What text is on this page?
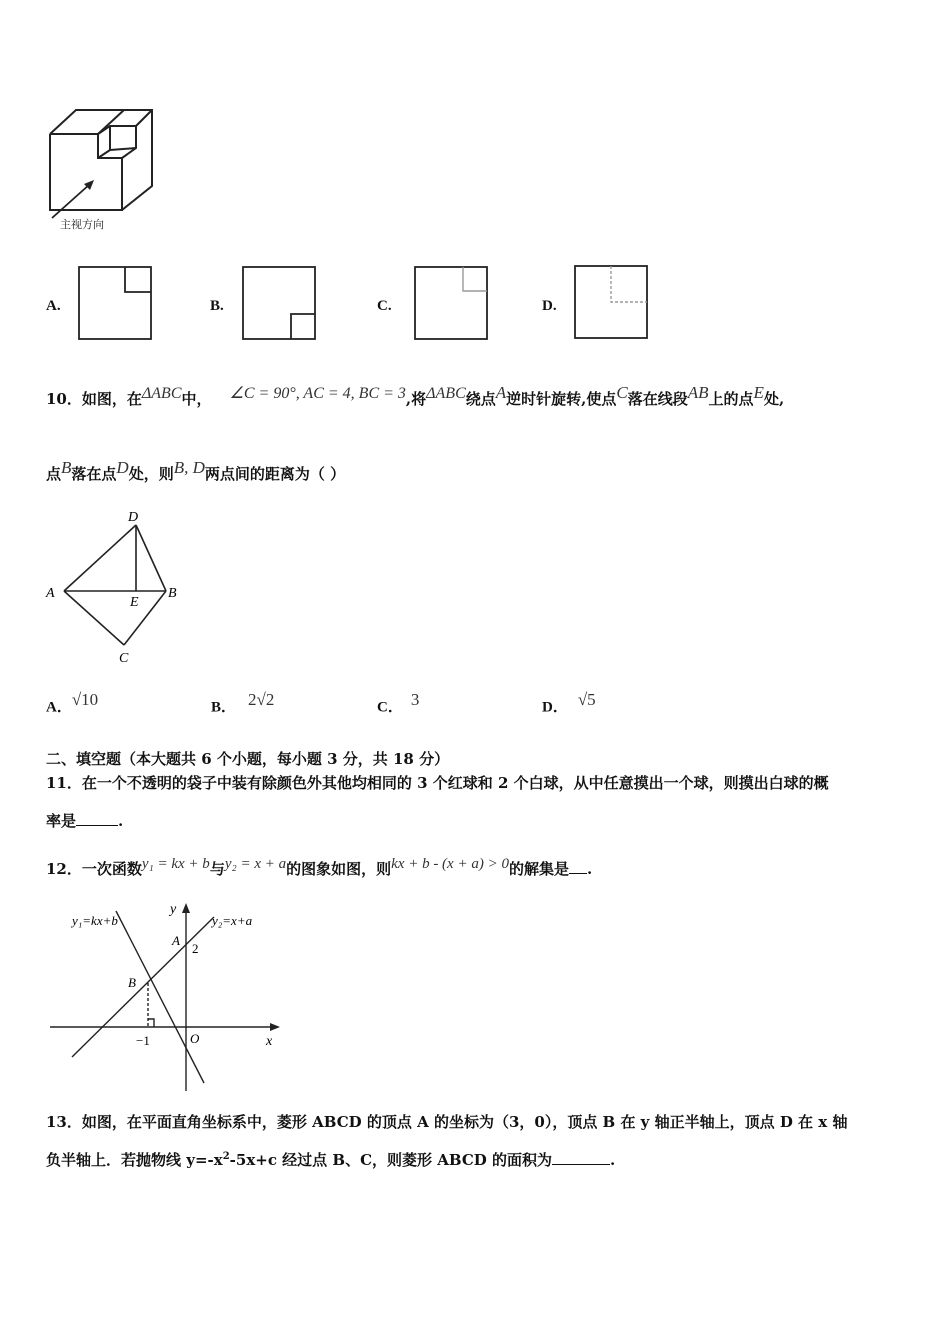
主视方向
A.	B.	C.	D.
10．如图，在$^{\Delta ABC}$中， $^{\angle C = 90^\circ, AC = 4, BC = 3}$,将$^{\Delta ABC}$绕点$^A$逆时针旋转,使点$^C$落在线段$^{AB}$上的点$^E$处,
点$^B$落在点$^D$处，则$^{B, D}$两点间的距离为（ ）
D
A
E
B
C
A．$^{√10}$	B． $^{2√2}$	C． $^3$	D． $^{√5}$
二、填空题（本大题共 6 个小题，每小题 3 分，共 18 分）
11．在一个不透明的袋子中装有除颜色外其他均相同的 3 个红球和 2 个白球，从中任意摸出一个球，则摸出白球的概
率是	.
12．一次函数$^{y_1 = kx + b}$与$^{y_2 = x + a}$的图象如图，则$^{kx + b - (x + a) > 0}$的解集是 .
y₁=kx+b	y₂=x+a
y
x
O
A
2
B
−1
13．如图，在平面直角坐标系中，菱形 ABCD 的顶点 A 的坐标为（3，0），顶点 B 在 y 轴正半轴上，顶点 D 在 x 轴
负半轴上．若抛物线 $y=-x^2-5x+c$ 经过点 B、C，则菱形 ABCD 的面积为	.
